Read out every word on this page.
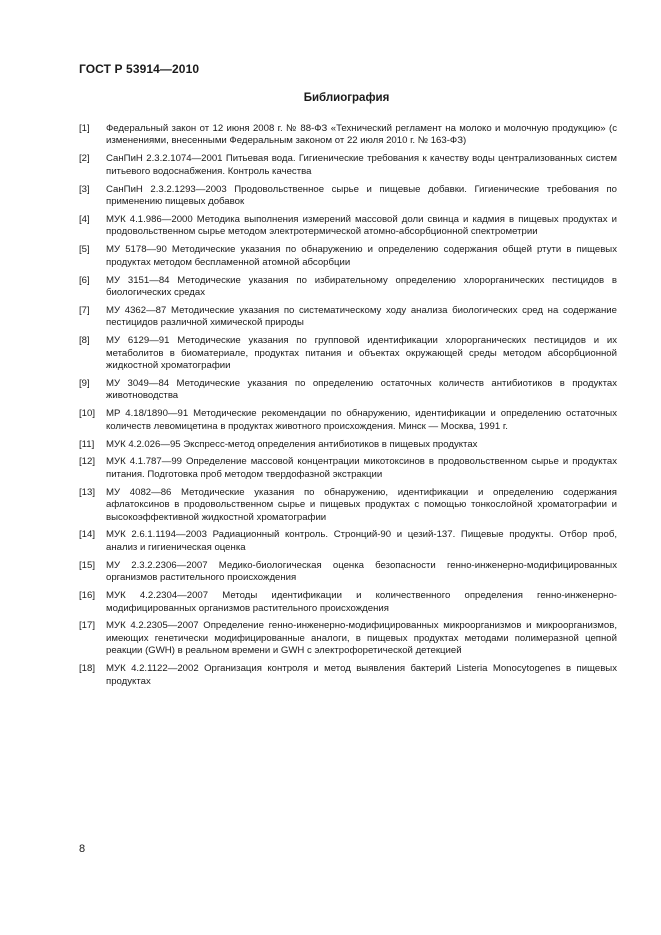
ГОСТ Р 53914—2010
Библиография
[1]	Федеральный закон от 12 июня 2008 г. № 88-ФЗ «Технический регламент на молоко и молочную продукцию» (с изменениями, внесенными Федеральным законом от 22 июля 2010 г. № 163-ФЗ)
[2]	СанПиН 2.3.2.1074—2001 Питьевая вода. Гигиенические требования к качеству воды централизованных систем питьевого водоснабжения. Контроль качества
[3]	СанПиН 2.3.2.1293—2003 Продовольственное сырье и пищевые добавки. Гигиенические требования по применению пищевых добавок
[4]	МУК 4.1.986—2000 Методика выполнения измерений массовой доли свинца и кадмия в пищевых продуктах и продовольственном сырье методом электротермической атомно-абсорбционной спектрометрии
[5]	МУ 5178—90 Методические указания по обнаружению и определению содержания общей ртути в пищевых продуктах методом беспламенной атомной абсорбции
[6]	МУ 3151—84 Методические указания по избирательному определению хлорорганических пестицидов в биологических средах
[7]	МУ 4362—87 Методические указания по систематическому ходу анализа биологических сред на содержание пестицидов различной химической природы
[8]	МУ 6129—91 Методические указания по групповой идентификации хлорорганических пестицидов и их метаболитов в биоматериале, продуктах питания и объектах окружающей среды методом абсорбционной жидкостной хроматографии
[9]	МУ 3049—84 Методические указания по определению остаточных количеств антибиотиков в продуктах животноводства
[10]	МР 4.18/1890—91 Методические рекомендации по обнаружению, идентификации и определению остаточных количеств левомицетина в продуктах животного происхождения. Минск — Москва, 1991 г.
[11]	МУК 4.2.026—95 Экспресс-метод определения антибиотиков в пищевых продуктах
[12]	МУК 4.1.787—99 Определение массовой концентрации микотоксинов в продовольственном сырье и продуктах питания. Подготовка проб методом твердофазной экстракции
[13]	МУ 4082—86 Методические указания по обнаружению, идентификации и определению содержания афлатоксинов в продовольственном сырье и пищевых продуктах с помощью тонкослойной хроматографии и высокоэффективной жидкостной хроматографии
[14]	МУК 2.6.1.1194—2003 Радиационный контроль. Стронций-90 и цезий-137. Пищевые продукты. Отбор проб, анализ и гигиеническая оценка
[15]	МУ 2.3.2.2306—2007 Медико-биологическая оценка безопасности генно-инженерно-модифицированных организмов растительного происхождения
[16]	МУК 4.2.2304—2007 Методы идентификации и количественного определения генно-инженерно-модифицированных организмов растительного происхождения
[17]	МУК 4.2.2305—2007 Определение генно-инженерно-модифицированных микроорганизмов и микроорганизмов, имеющих генетически модифицированные аналоги, в пищевых продуктах методами полимеразной цепной реакции (GWH) в реальном времени и GWH с электрофоретической детекцией
[18]	МУК 4.2.1122—2002 Организация контроля и метод выявления бактерий Listeria Monocytogenes в пищевых продуктах
8
